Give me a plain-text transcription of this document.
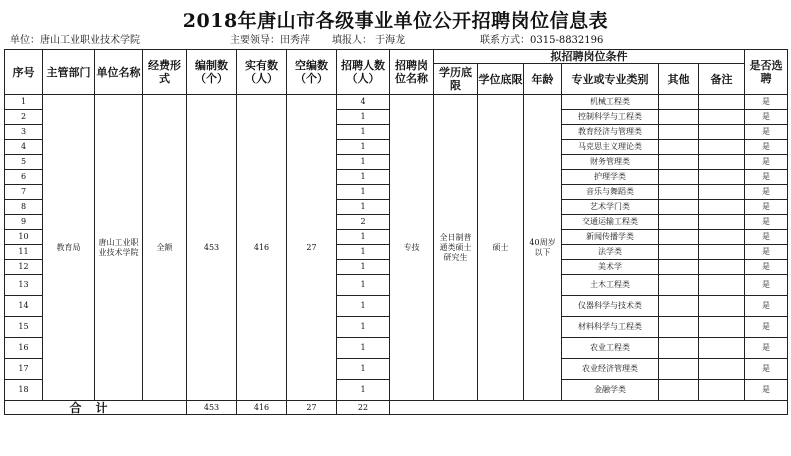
2018年唐山市各级事业单位公开招聘岗位信息表
单位：唐山工业职业技术学院	主要领导：田秀萍 填报人： 于海龙	联系方式：0315-8832196
序号	主管部门	单位名称	经费形式	编制数（个）	实有数（人）	空编数（个）	招聘人数（人）	招聘岗位名称	拟招聘岗位条件						是否选聘
									学历底限	学位底限	年龄	专业或专业类别	其他	备注	
1	教育局	唐山工业职业技术学院	全额	453	416	27	4	专技	全日制普通类硕士研究生	硕士	40周岁以下	机械工程类			是
2							1					控制科学与工程类			是
3							1					教育经济与管理类			是
4							1					马克思主义理论类			是
5							1					财务管理类			是
6							1					护理学类			是
7							1					音乐与舞蹈类			是
8							1					艺术学门类			是
9							2					交通运输工程类			是
10							1					新闻传播学类			是
11							1					法学类			是
12							1					美术学			是
13							1					土木工程类			是
14							1					仪器科学与技术类			是
15							1					材料科学与工程类			是
16							1					农业工程类			是
17							1					农业经济管理类			是
18							1					金融学类			是
合计				453	416	27	22								
